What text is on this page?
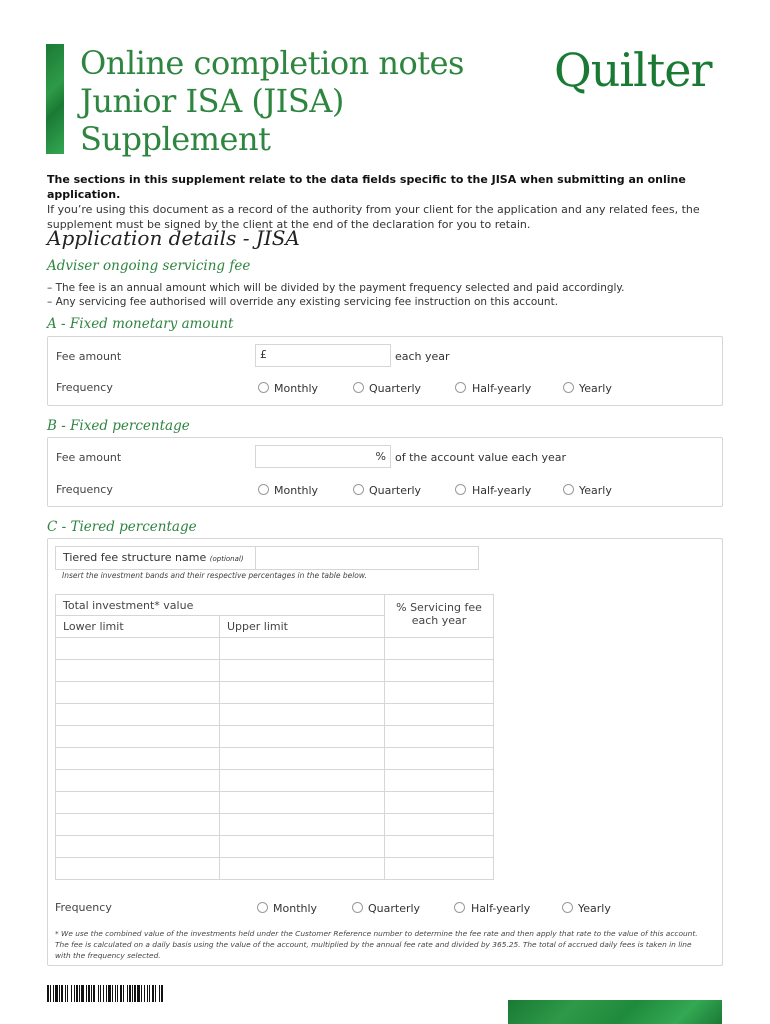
Online completion notes
Junior ISA (JISA)
Supplement
Quilter

The sections in this supplement relate to the data fields specific to the JISA when submitting an online application.

If you’re using this document as a record of the authority from your client for the application and any related fees, the supplement must be signed by the client at the end of the declaration for you to retain.

Application details - JISA
Adviser ongoing servicing fee
– The fee is an annual amount which will be divided by the payment frequency selected and paid accordingly.
– Any servicing fee authorised will override any existing servicing fee instruction on this account.
A - Fixed monetary amount
Fee amount	£	each year
Frequency	Monthly	Quarterly	Half-yearly	Yearly
B - Fixed percentage
Fee amount	% of the account value each year
Frequency	Monthly	Quarterly	Half-yearly	Yearly
C - Tiered percentage
Tiered fee structure name (optional)
Insert the investment bands and their respective percentages in the table below.
Total investment* value		% Servicing fee
each year

Lower limit	Upper limit	

Frequency	Monthly	Quarterly	Half-yearly	Yearly
* We use the combined value of the investments held under the Customer Reference number to determine the fee rate and then apply that rate to the value of this account. The fee is calculated on a daily basis using the value of the account, multiplied by the annual fee rate and divided by 365.25. The total of accrued daily fees is taken in line with the frequency selected.
